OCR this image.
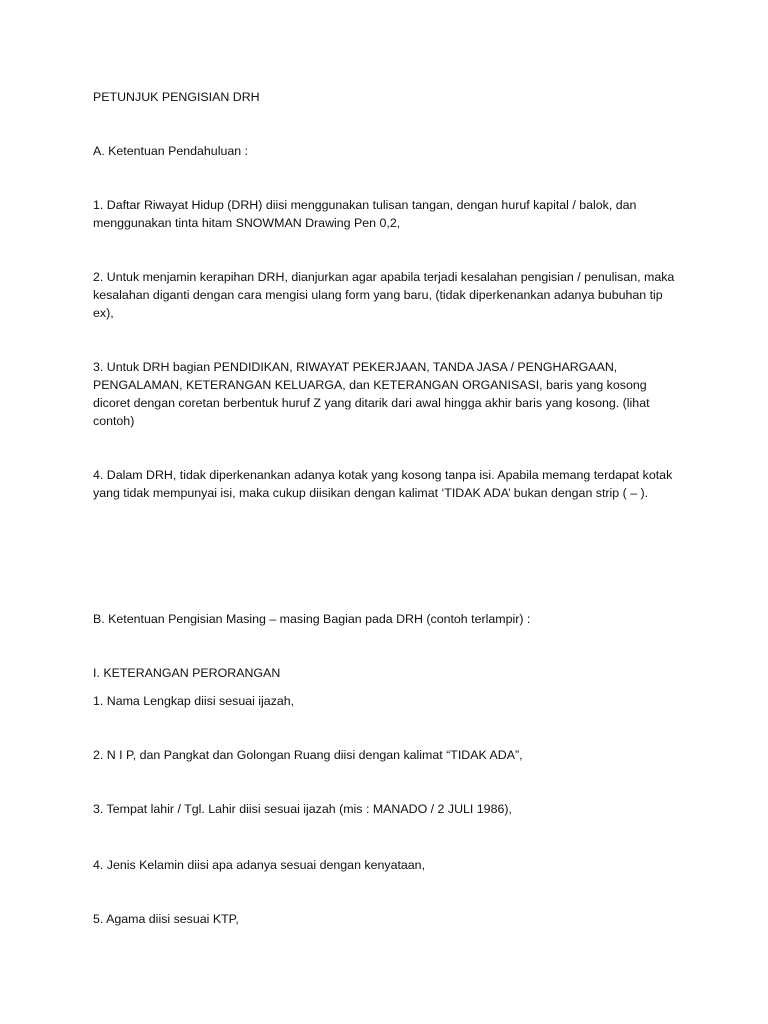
PETUNJUK PENGISIAN DRH

A. Ketentuan Pendahuluan :

1. Daftar Riwayat Hidup (DRH) diisi menggunakan tulisan tangan, dengan huruf kapital / balok, dan menggunakan tinta hitam SNOWMAN Drawing Pen 0,2,

2. Untuk menjamin kerapihan DRH, dianjurkan agar apabila terjadi kesalahan pengisian / penulisan, maka kesalahan diganti dengan cara mengisi ulang form yang baru, (tidak diperkenankan adanya bubuhan tip ex),

3. Untuk DRH bagian PENDIDIKAN, RIWAYAT PEKERJAAN, TANDA JASA / PENGHARGAAN, PENGALAMAN, KETERANGAN KELUARGA, dan KETERANGAN ORGANISASI, baris yang kosong dicoret dengan coretan berbentuk huruf Z yang ditarik dari awal hingga akhir baris yang kosong. (lihat contoh)

4. Dalam DRH, tidak diperkenankan adanya kotak yang kosong tanpa isi. Apabila memang terdapat kotak yang tidak mempunyai isi, maka cukup diisikan dengan kalimat ‘TIDAK ADA’ bukan dengan strip ( – ).

B. Ketentuan Pengisian Masing – masing Bagian pada DRH (contoh terlampir) :

I. KETERANGAN PERORANGAN

1. Nama Lengkap diisi sesuai ijazah,

2. N I P, dan Pangkat dan Golongan Ruang diisi dengan kalimat “TIDAK ADA”,

3. Tempat lahir / Tgl. Lahir diisi sesuai ijazah (mis : MANADO / 2 JULI 1986),

4. Jenis Kelamin diisi apa adanya sesuai dengan kenyataan,

5. Agama diisi sesuai KTP,
